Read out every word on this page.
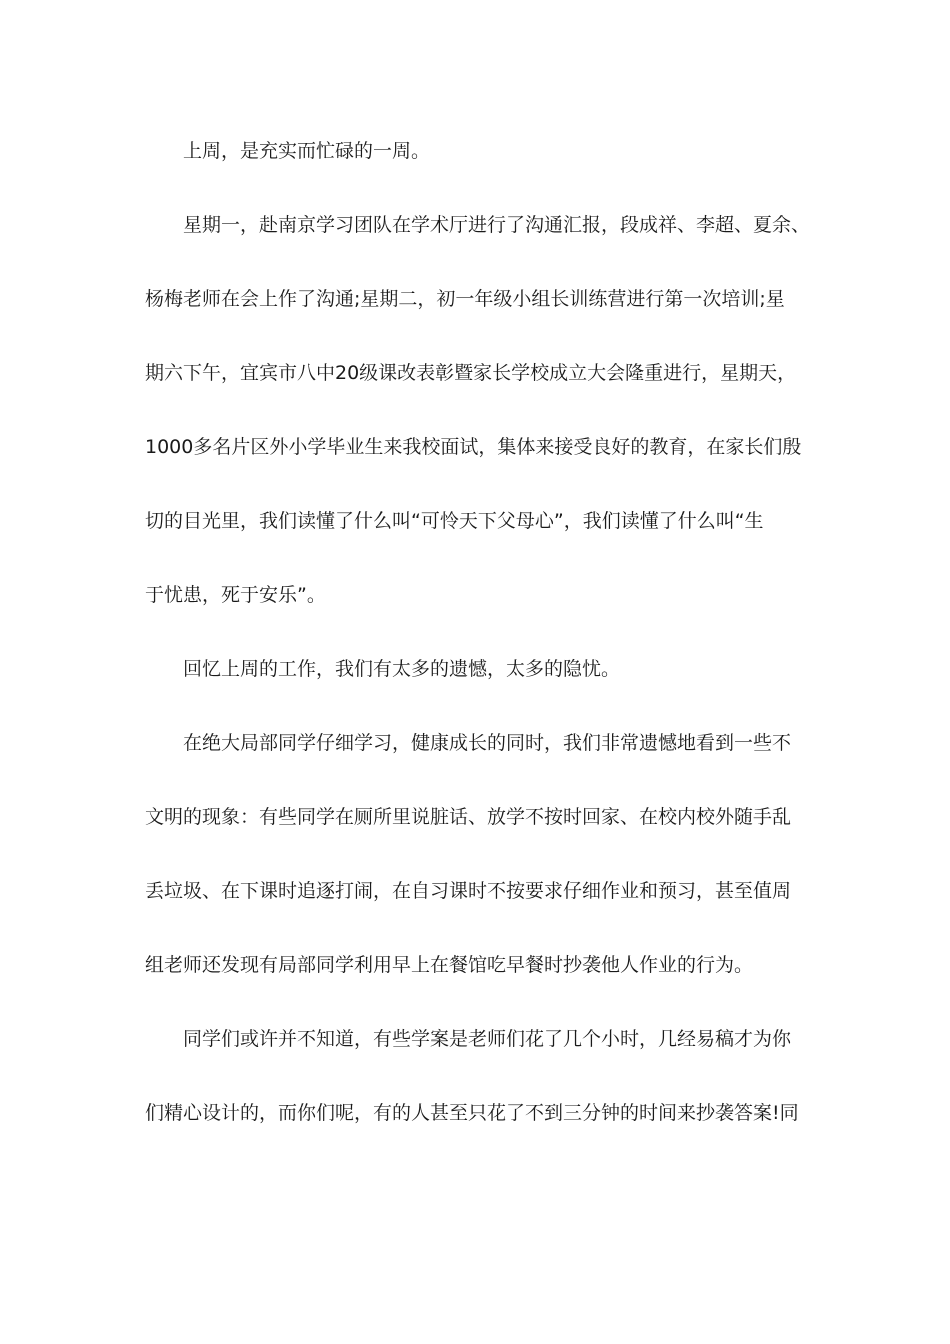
上周，是充实而忙碌的一周。

星期一，赴南京学习团队在学术厅进行了沟通汇报，段成祥、李超、夏余、

杨梅老师在会上作了沟通;星期二，初一年级小组长训练营进行第一次培训;星
期六下午，宜宾市八中20级课改表彰暨家长学校成立大会隆重进行，星期天，
1000多名片区外小学毕业生来我校面试，集体来接受良好的教育，在家长们殷
切的目光里，我们读懂了什么叫“可怜天下父母心”，我们读懂了什么叫“生
于忧患，死于安乐”。

回忆上周的工作，我们有太多的遗憾，太多的隐忧。

在绝大局部同学仔细学习，健康成长的同时，我们非常遗憾地看到一些不

文明的现象：有些同学在厕所里说脏话、放学不按时回家、在校内校外随手乱
丢垃圾、在下课时追逐打闹，在自习课时不按要求仔细作业和预习，甚至值周
组老师还发现有局部同学利用早上在餐馆吃早餐时抄袭他人作业的行为。

同学们或许并不知道，有些学案是老师们花了几个小时，几经易稿才为你

们精心设计的，而你们呢，有的人甚至只花了不到三分钟的时间来抄袭答案!同
